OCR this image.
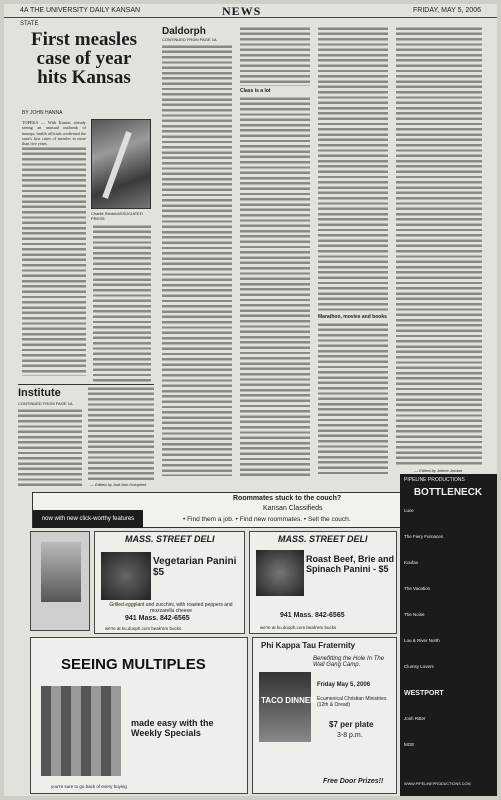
4A THE UNIVERSITY DAILY KANSAN	NEWS	FRIDAY, MAY 5, 2006
STATE
First measles case of year hits Kansas
BY JOHN HANNA
TOPEKA — With Kansas already seeing an unusual outbreak of mumps, health officials confirmed the state's first cases of measles in more than five years.
Charlie Riedel/ASSOCIATED PRESS
Daldorph
CONTINUED FROM PAGE 1A
Class is a lot
Marathon, movies and books
— Edited by Jolene Jordan
Institute
CONTINUED FROM PAGE 1A
— Edited by Jodi Ann Holopirek
Roommates stuck to the couch?
Kansan Classifieds
• Find them a job. • Find new roommates. • Sell the couch.
now with new click-worthy features
MASS. STREET DELI
Vegetarian Panini $5
Grilled eggplant and zucchini, with roasted peppers and mozzarella cheese
941 Mass. 842-6565
we're at ku.dooph.com beak'em bucks
MASS. STREET DELI
Roast Beef, Brie and Spinach Panini - $5
941 Mass. 842-6565
we're at ku.dooph.com beak'em bucks
SEEING MULTIPLES
made easy with the Weekly Specials
you're sure to go back of every buying
Phi Kappa Tau Fraternity
Benefitting the Hole In The Wall Gang Camp.
TACO DINNER
Friday May 5, 2006
Ecumenical Christian Ministries (12th & Oread)
$7 per plate
3-8 p.m.
Free Door Prizes!!
PIPELINE PRODUCTIONS
BOTTLENECK
Luce
The Fiery Furnaces
Koufax
The Vacation
The Noise
Lou & River North
Clumsy Lovers
WESTPORT
Josh Ritter
MOE
WWW.PIPELINEPRODUCTIONS.COM
